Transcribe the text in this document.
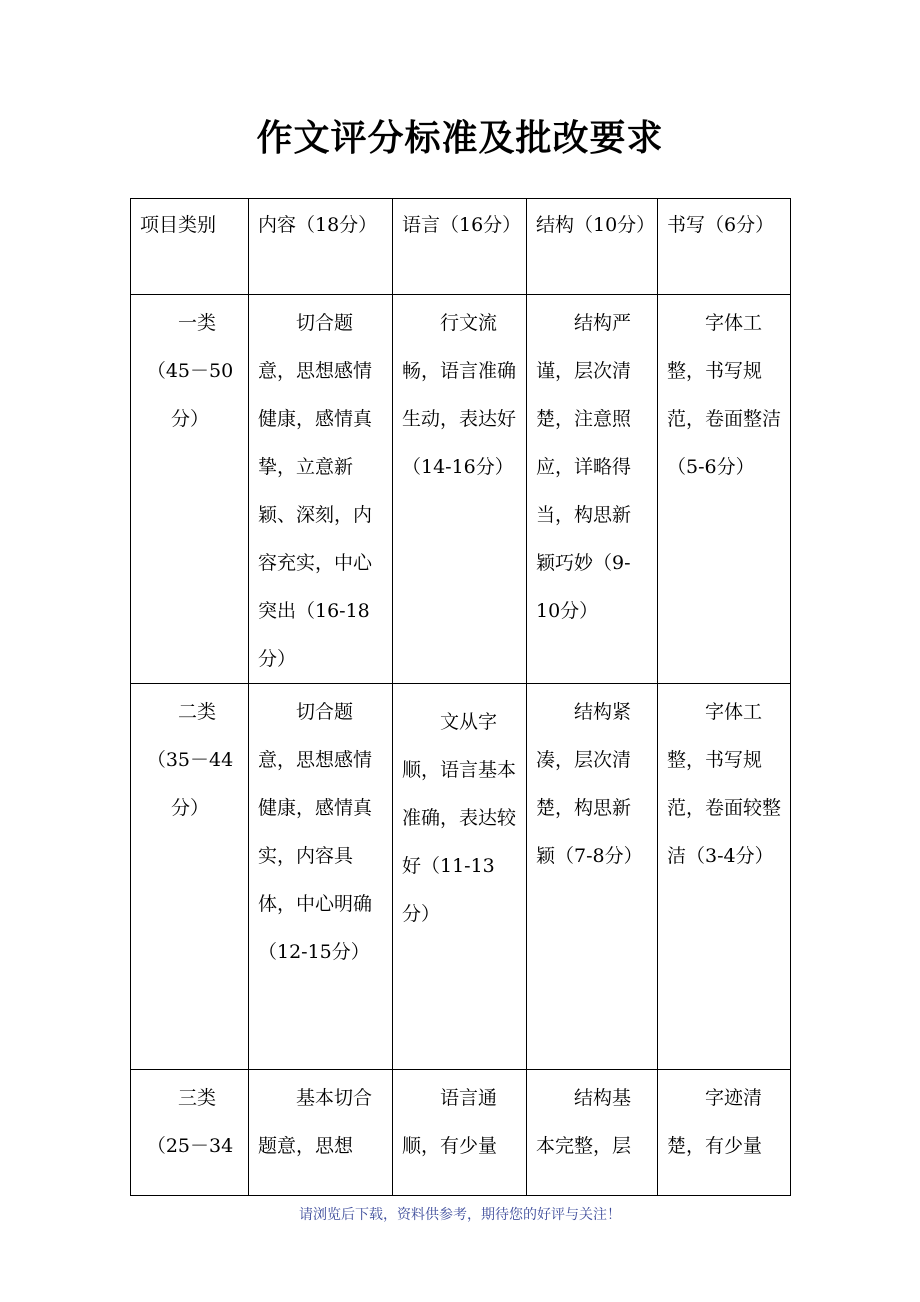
作文评分标准及批改要求
项目类别	内容（18分）	语言（16分）	结构（10分）	书写（6分）

一类
（45－50分）	切合题意，思想感情健康，感情真挚，立意新颖、深刻，内容充实，中心突出（16-18分）	行文流畅，语言准确生动，表达好（14-16分）	结构严谨，层次清楚，注意照应，详略得当，构思新颖巧妙（9-10分）	字体工整，书写规范，卷面整洁（5-6分）

二类
（35－44分）	切合题意，思想感情健康，感情真实，内容具体，中心明确（12-15分）	文从字顺，语言基本准确，表达较好（11-13分）	结构紧凑，层次清楚，构思新颖（7-8分）	字体工整，书写规范，卷面较整洁（3-4分）

三类
（25－34	基本切合题意，思想	语言通顺，有少量	结构基本完整，层	字迹清楚，有少量
请浏览后下载，资料供参考，期待您的好评与关注！
